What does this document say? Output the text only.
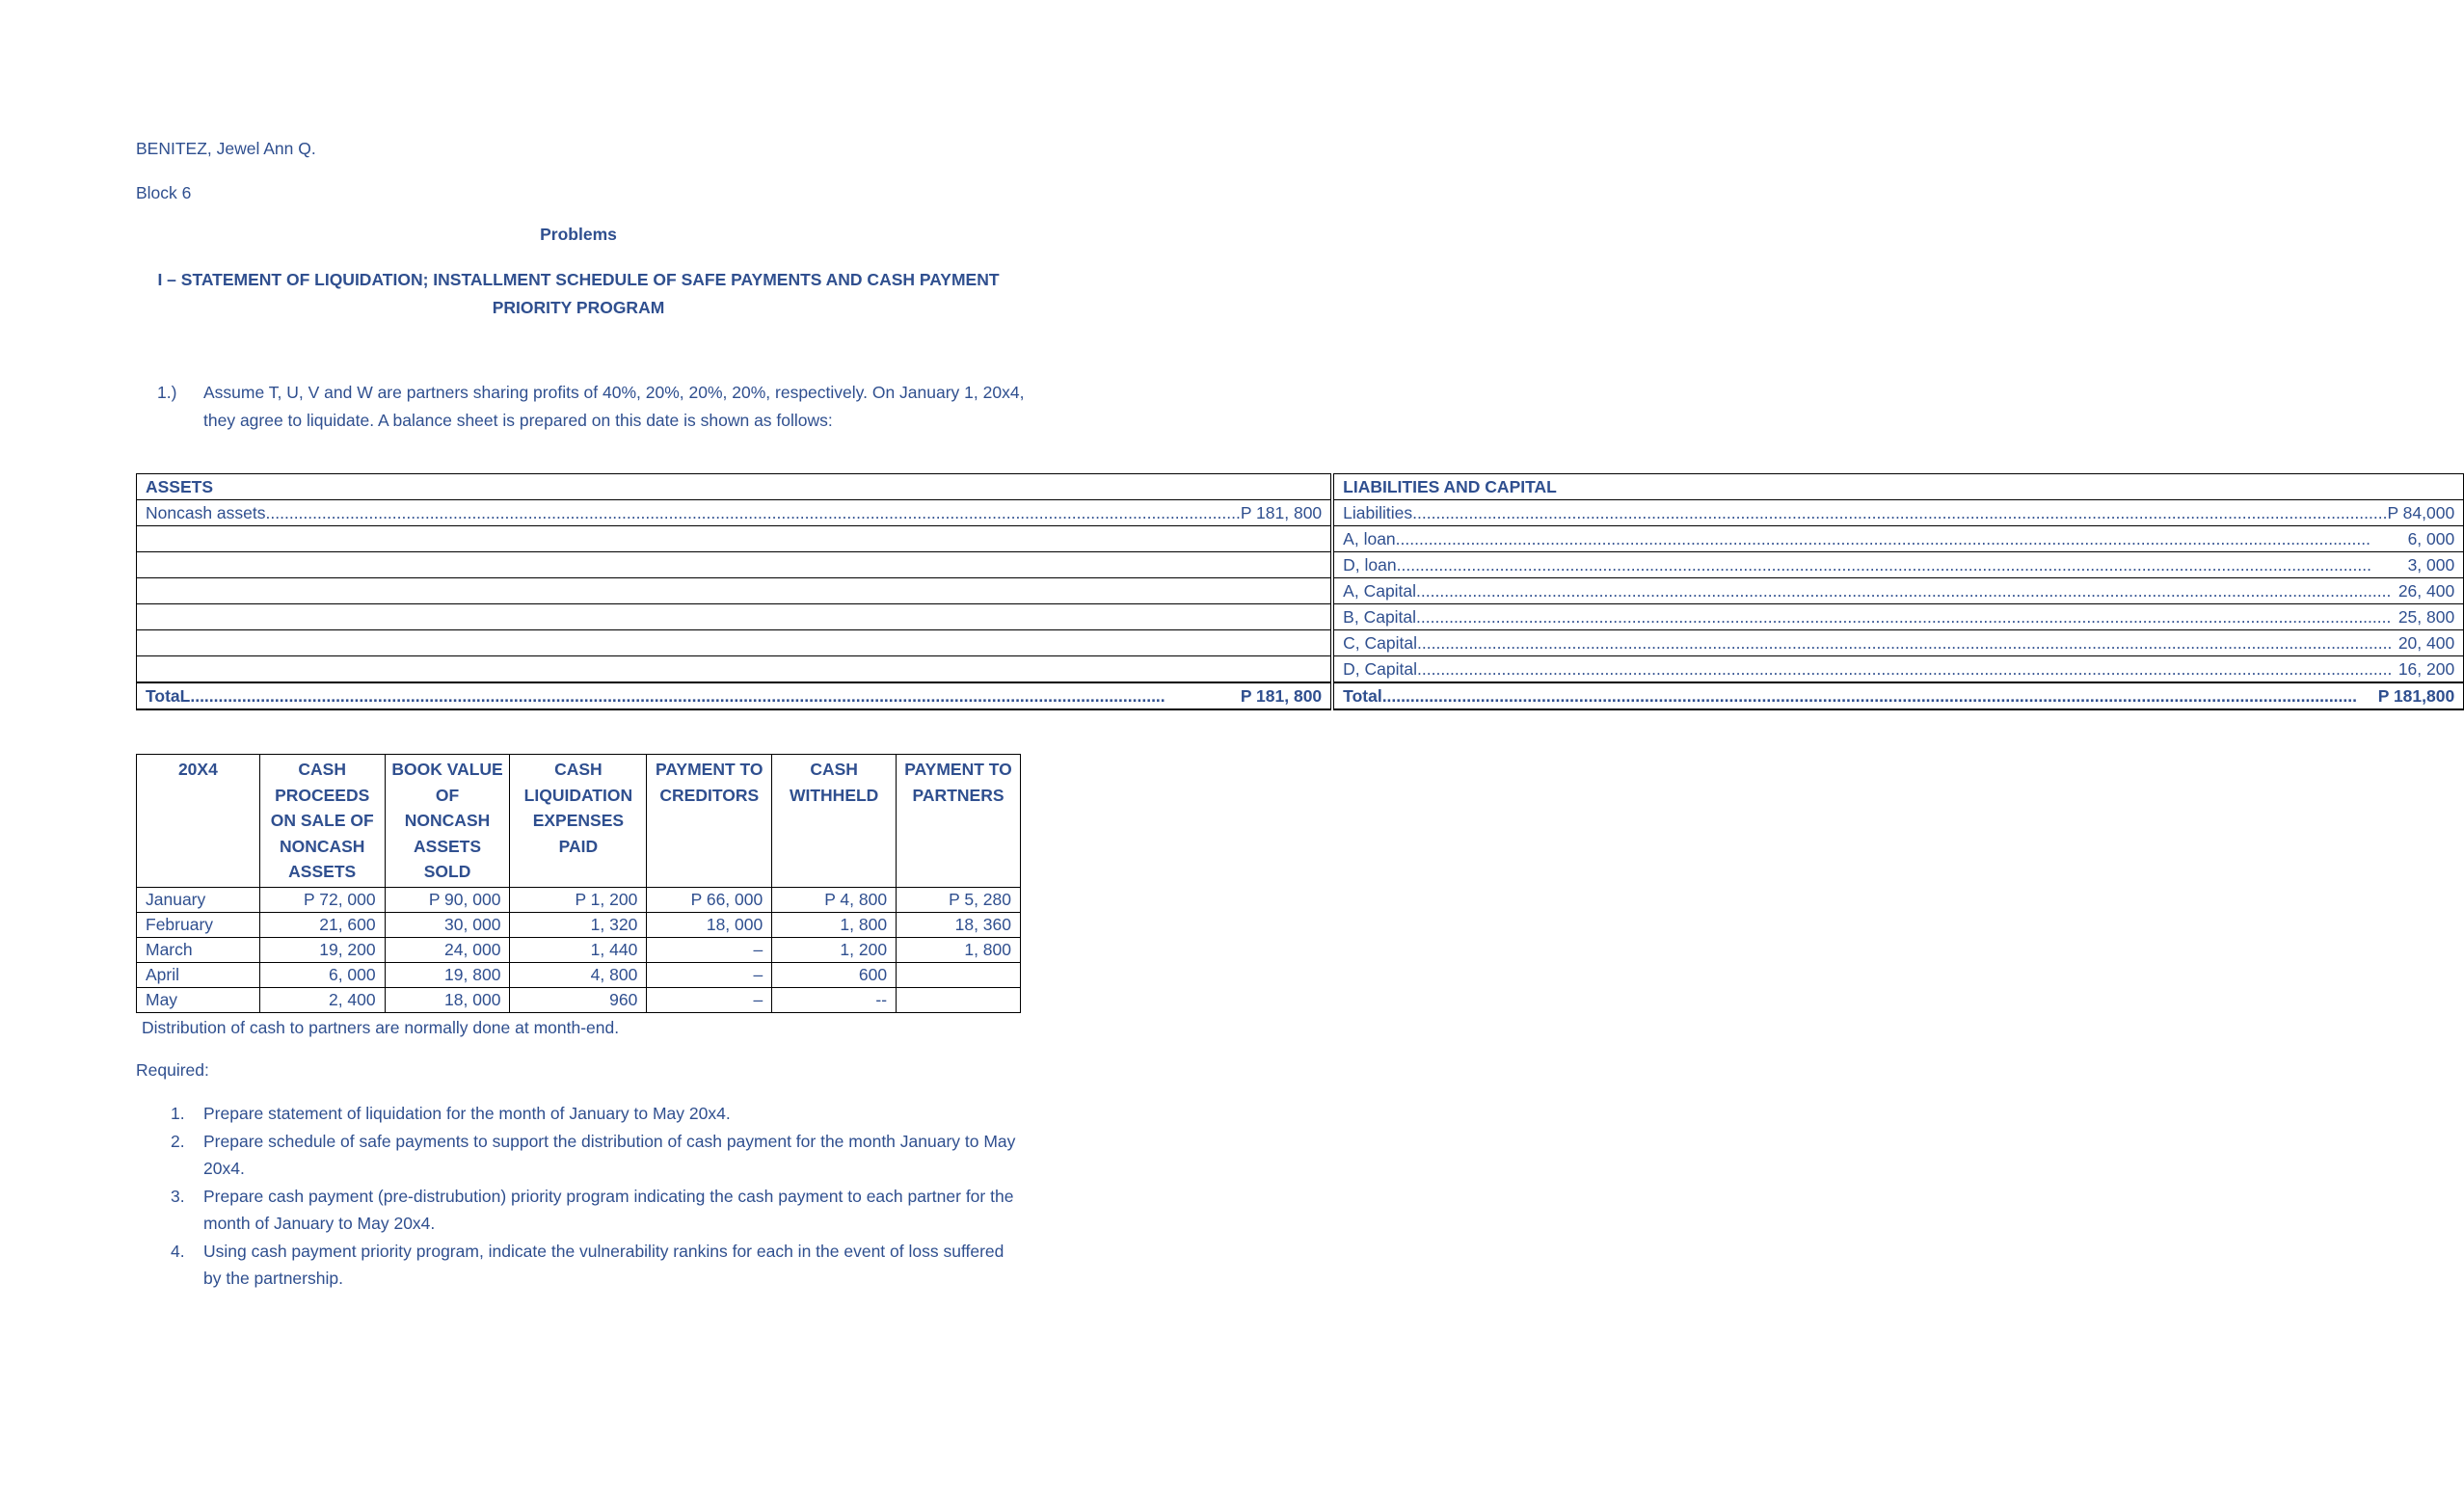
BENITEZ, Jewel Ann Q.
Block 6
Problems
I – STATEMENT OF LIQUIDATION; INSTALLMENT SCHEDULE OF SAFE PAYMENTS AND CASH PAYMENT PRIORITY PROGRAM
1.) Assume T, U, V and W are partners sharing profits of 40%, 20%, 20%, 20%, respectively. On January 1, 20x4, they agree to liquidate. A balance sheet is prepared on this date is shown as follows:
ASSETS	LIABILITIES AND CAPITAL

Noncash assets ..... P 181, 800	Liabilities ..... P 84,000

	A, loan ..... 6, 000

	D, loan ..... 3, 000

	A, Capital ..... 26, 400

	B, Capital ..... 25, 800

	C, Capital ..... 20, 400

	D, Capital ..... 16, 200

TotaL ..... P 181, 800	Total ..... P 181,800
20X4	CASH PROCEEDS ON SALE OF NONCASH ASSETS	BOOK VALUE OF NONCASH ASSETS SOLD	CASH LIQUIDATION EXPENSES PAID	PAYMENT TO CREDITORS	CASH WITHHELD	PAYMENT TO PARTNERS
January	P 72, 000	P 90, 000	P 1, 200	P 66, 000	P 4, 800	P 5, 280
February	21, 600	30, 000	1, 320	18, 000	1, 800	18, 360
March	19, 200	24, 000	1, 440	–	1, 200	1, 800
April	6, 000	19, 800	4, 800	–	600	
May	2, 400	18, 000	960	–	--	
Distribution of cash to partners are normally done at month-end.
Required:
1. Prepare statement of liquidation for the month of January to May 20x4.
2. Prepare schedule of safe payments to support the distribution of cash payment for the month January to May 20x4.
3. Prepare cash payment (pre-distrubution) priority program indicating the cash payment to each partner for the month of January to May 20x4.
4. Using cash payment priority program, indicate the vulnerability rankins for each in the event of loss suffered by the partnership.
